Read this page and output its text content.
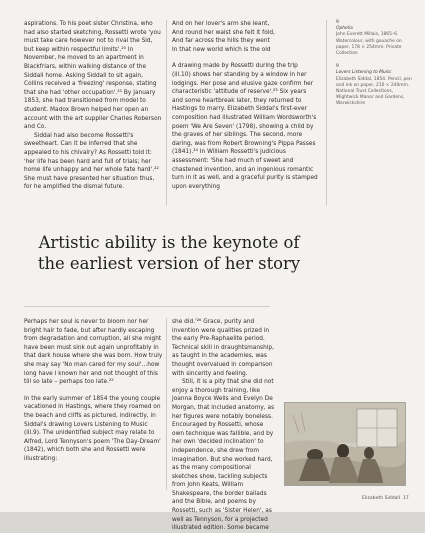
aspirations. To his poet sister Christina, who had also started sketching, Rossetti wrote 'you must take care however not to rival the Sid, but keep within respectful limits'.²⁰ In November, he moved to an apartment in Blackfriars, within walking distance of the Siddall home. Asking Siddall to sit again, Collins received a 'freezing' response, stating that she had 'other occupation'.²¹ By January 1853, she had transitioned from model to student. Madox Brown helped her open an account with the art supplier Charles Roberson and Co.

Siddal had also become Rossetti's sweetheart. Can it be inferred that she appealed to his chivalry? As Rossetti told it: 'her life has been hard and full of trials; her home life unhappy and her whole fate hard'.²² She must have presented her situation thus, for he amplified the dismal future.

And on her lover's arm she leant,

And round her waist she felt it fold,

And far across the hills they went

In that new world which is the old

A drawing made by Rossetti during the trip (ill.10) shows her standing by a window in her lodgings. Her pose and elusive gaze confirm her characteristic 'attitude of reserve'.²³ Six years and some heartbreak later, they returned to Hastings to marry. Elizabeth Siddal's first-ever composition had illustrated William Wordsworth's poem 'We Are Seven' (1798), showing a child by the graves of her siblings. The second, more daring, was from Robert Browning's Pippa Passes (1841).²⁴ In William Rossetti's judicious assessment: 'She had much of sweet and chastened invention, and an ingenious romantic turn in it as well, and a graceful purity is stamped upon everything

9
Ophelia
John Everett Millais, 1865–6. Watercolour, with gouache on paper, 178 × 254mm. Private Collection
9
Lovers Listening to Music
Elizabeth Siddal, 1854. Pencil, pen and ink on paper, 210 × 240mm. National Trust Collections, Wightwick Manor and Gardens, Warwickshire

Artistic ability is the keynote of the earliest version of her story

Perhaps her soul is never to bloom nor her bright hair to fade, but after hardly escaping from degradation and corruption, all she might have been must sink out again unprofitably in that dark house where she was born. How truly she may say 'No man cared for my soul'…how long have I known her and not thought of this till so late – perhaps too late.²⁵

In the early summer of 1854 the young couple vacationed in Hastings, where they roamed on the beach and cliffs as pictured, indirectly, in Siddal's drawing Lovers Listening to Music (ill.9). The unidentified subject may relate to Alfred, Lord Tennyson's poem 'The Day-Dream' (1842), which both she and Rossetti were illustrating:

she did.'²⁶ Grace, purity and invention were qualities prized in the early Pre-Raphaelite period. Technical skill in draughtsmanship, as taught in the academies, was thought overvalued in comparison with sincerity and feeling.

Still, it is a pity that she did not enjoy a thorough training, like Joanna Boyce Wells and Evelyn De Morgan, that included anatomy, as her figures were notably boneless. Encouraged by Rossetti, whose own technique was fallible, and by her own 'decided inclination' to independence, she drew from imagination. But she worked hard, as the many compositional sketches show, tackling subjects from John Keats, William Shakespeare, the border ballads and the Bible, and poems by Rossetti, such as 'Sister Helen', as well as Tennyson, for a projected illustrated edition. Some became

Elizabeth Siddall 17
